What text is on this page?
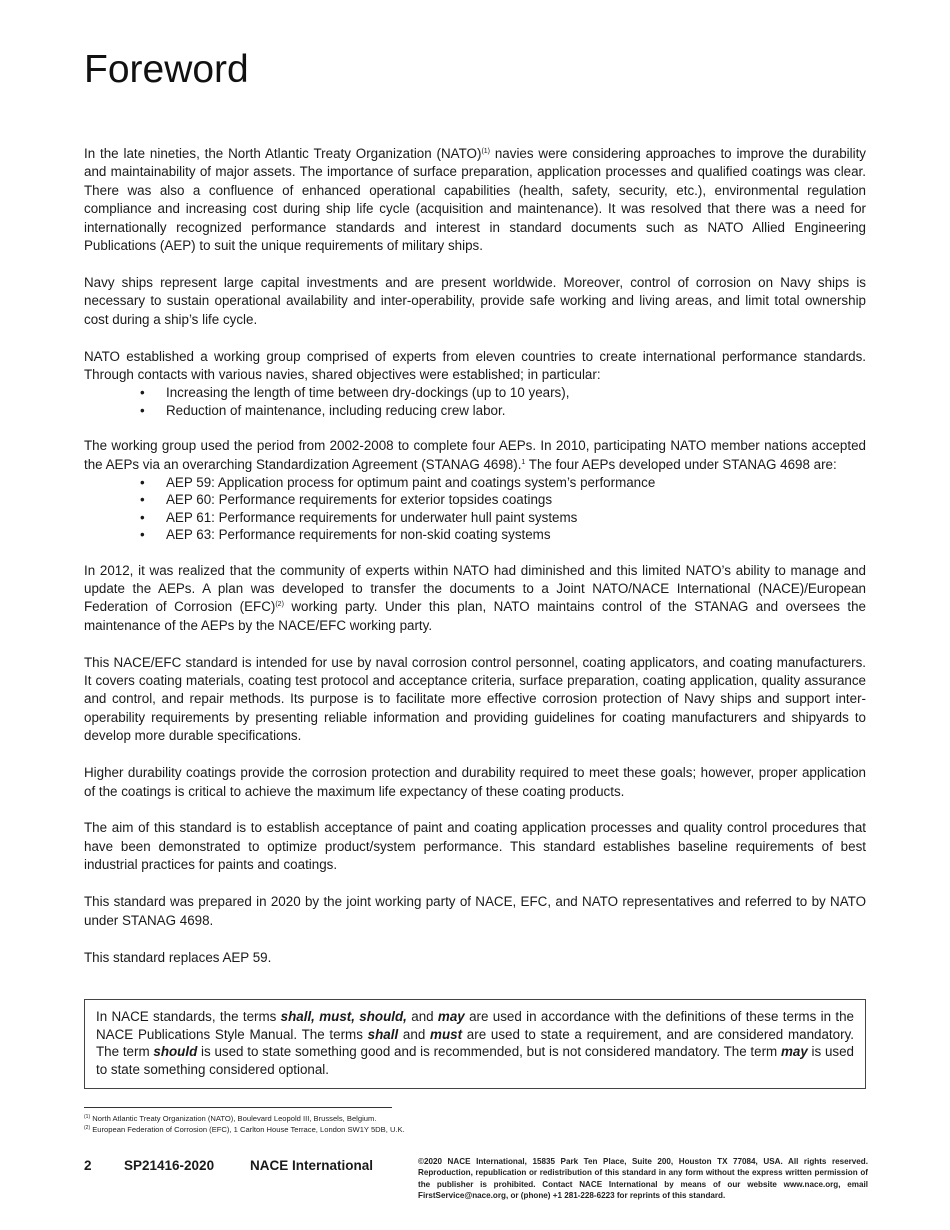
Foreword

In the late nineties, the North Atlantic Treaty Organization (NATO)$^{(1)}$ navies were considering approaches to improve the durability and maintainability of major assets. The importance of surface preparation, application processes and qualified coatings was clear. There was also a confluence of enhanced operational capabilities (health, safety, security, etc.), environmental regulation compliance and increasing cost during ship life cycle (acquisition and maintenance). It was resolved that there was a need for internationally recognized performance standards and interest in standard documents such as NATO Allied Engineering Publications (AEP) to suit the unique requirements of military ships.

Navy ships represent large capital investments and are present worldwide. Moreover, control of corrosion on Navy ships is necessary to sustain operational availability and inter-operability, provide safe working and living areas, and limit total ownership cost during a ship’s life cycle.

NATO established a working group comprised of experts from eleven countries to create international performance standards. Through contacts with various navies, shared objectives were established; in particular:

• Increasing the length of time between dry-dockings (up to 10 years),
• Reduction of maintenance, including reducing crew labor.

The working group used the period from 2002-2008 to complete four AEPs. In 2010, participating NATO member nations accepted the AEPs via an overarching Standardization Agreement (STANAG 4698).$^1$ The four AEPs developed under STANAG 4698 are:

• AEP 59: Application process for optimum paint and coatings system’s performance
• AEP 60: Performance requirements for exterior topsides coatings
• AEP 61: Performance requirements for underwater hull paint systems
• AEP 63: Performance requirements for non-skid coating systems

In 2012, it was realized that the community of experts within NATO had diminished and this limited NATO’s ability to manage and update the AEPs. A plan was developed to transfer the documents to a Joint NATO/NACE International (NACE)/European Federation of Corrosion (EFC)$^{(2)}$ working party. Under this plan, NATO maintains control of the STANAG and oversees the maintenance of the AEPs by the NACE/EFC working party.

This NACE/EFC standard is intended for use by naval corrosion control personnel, coating applicators, and coating manufacturers. It covers coating materials, coating test protocol and acceptance criteria, surface preparation, coating application, quality assurance and control, and repair methods. Its purpose is to facilitate more effective corrosion protection of Navy ships and support inter-operability requirements by presenting reliable information and providing guidelines for coating manufacturers and shipyards to develop more durable specifications.

Higher durability coatings provide the corrosion protection and durability required to meet these goals; however, proper application of the coatings is critical to achieve the maximum life expectancy of these coating products.

The aim of this standard is to establish acceptance of paint and coating application processes and quality control procedures that have been demonstrated to optimize product/system performance. This standard establishes baseline requirements of best industrial practices for paints and coatings.

This standard was prepared in 2020 by the joint working party of NACE, EFC, and NATO representatives and referred to by NATO under STANAG 4698.

This standard replaces AEP 59.

In NACE standards, the terms shall, must, should, and may are used in accordance with the definitions of these terms in the NACE Publications Style Manual. The terms shall and must are used to state a requirement, and are considered mandatory. The term should is used to state something good and is recommended, but is not considered mandatory. The term may is used to state something considered optional.
$^{(1)}$ North Atlantic Treaty Organization (NATO), Boulevard Leopold III, Brussels, Belgium.
$^{(2)}$ European Federation of Corrosion (EFC), 1 Carlton House Terrace, London SW1Y 5DB, U.K.
2 SP21416-2020	NACE International	©2020 NACE International, 15835 Park Ten Place, Suite 200, Houston TX 77084, USA. All rights reserved. Reproduction, republication or redistribution of this standard in any form without the express written permission of the publisher is prohibited. Contact NACE International by means of our website www.nace.org, email FirstService@nace.org, or (phone) +1 281-228-6223 for reprints of this standard.
